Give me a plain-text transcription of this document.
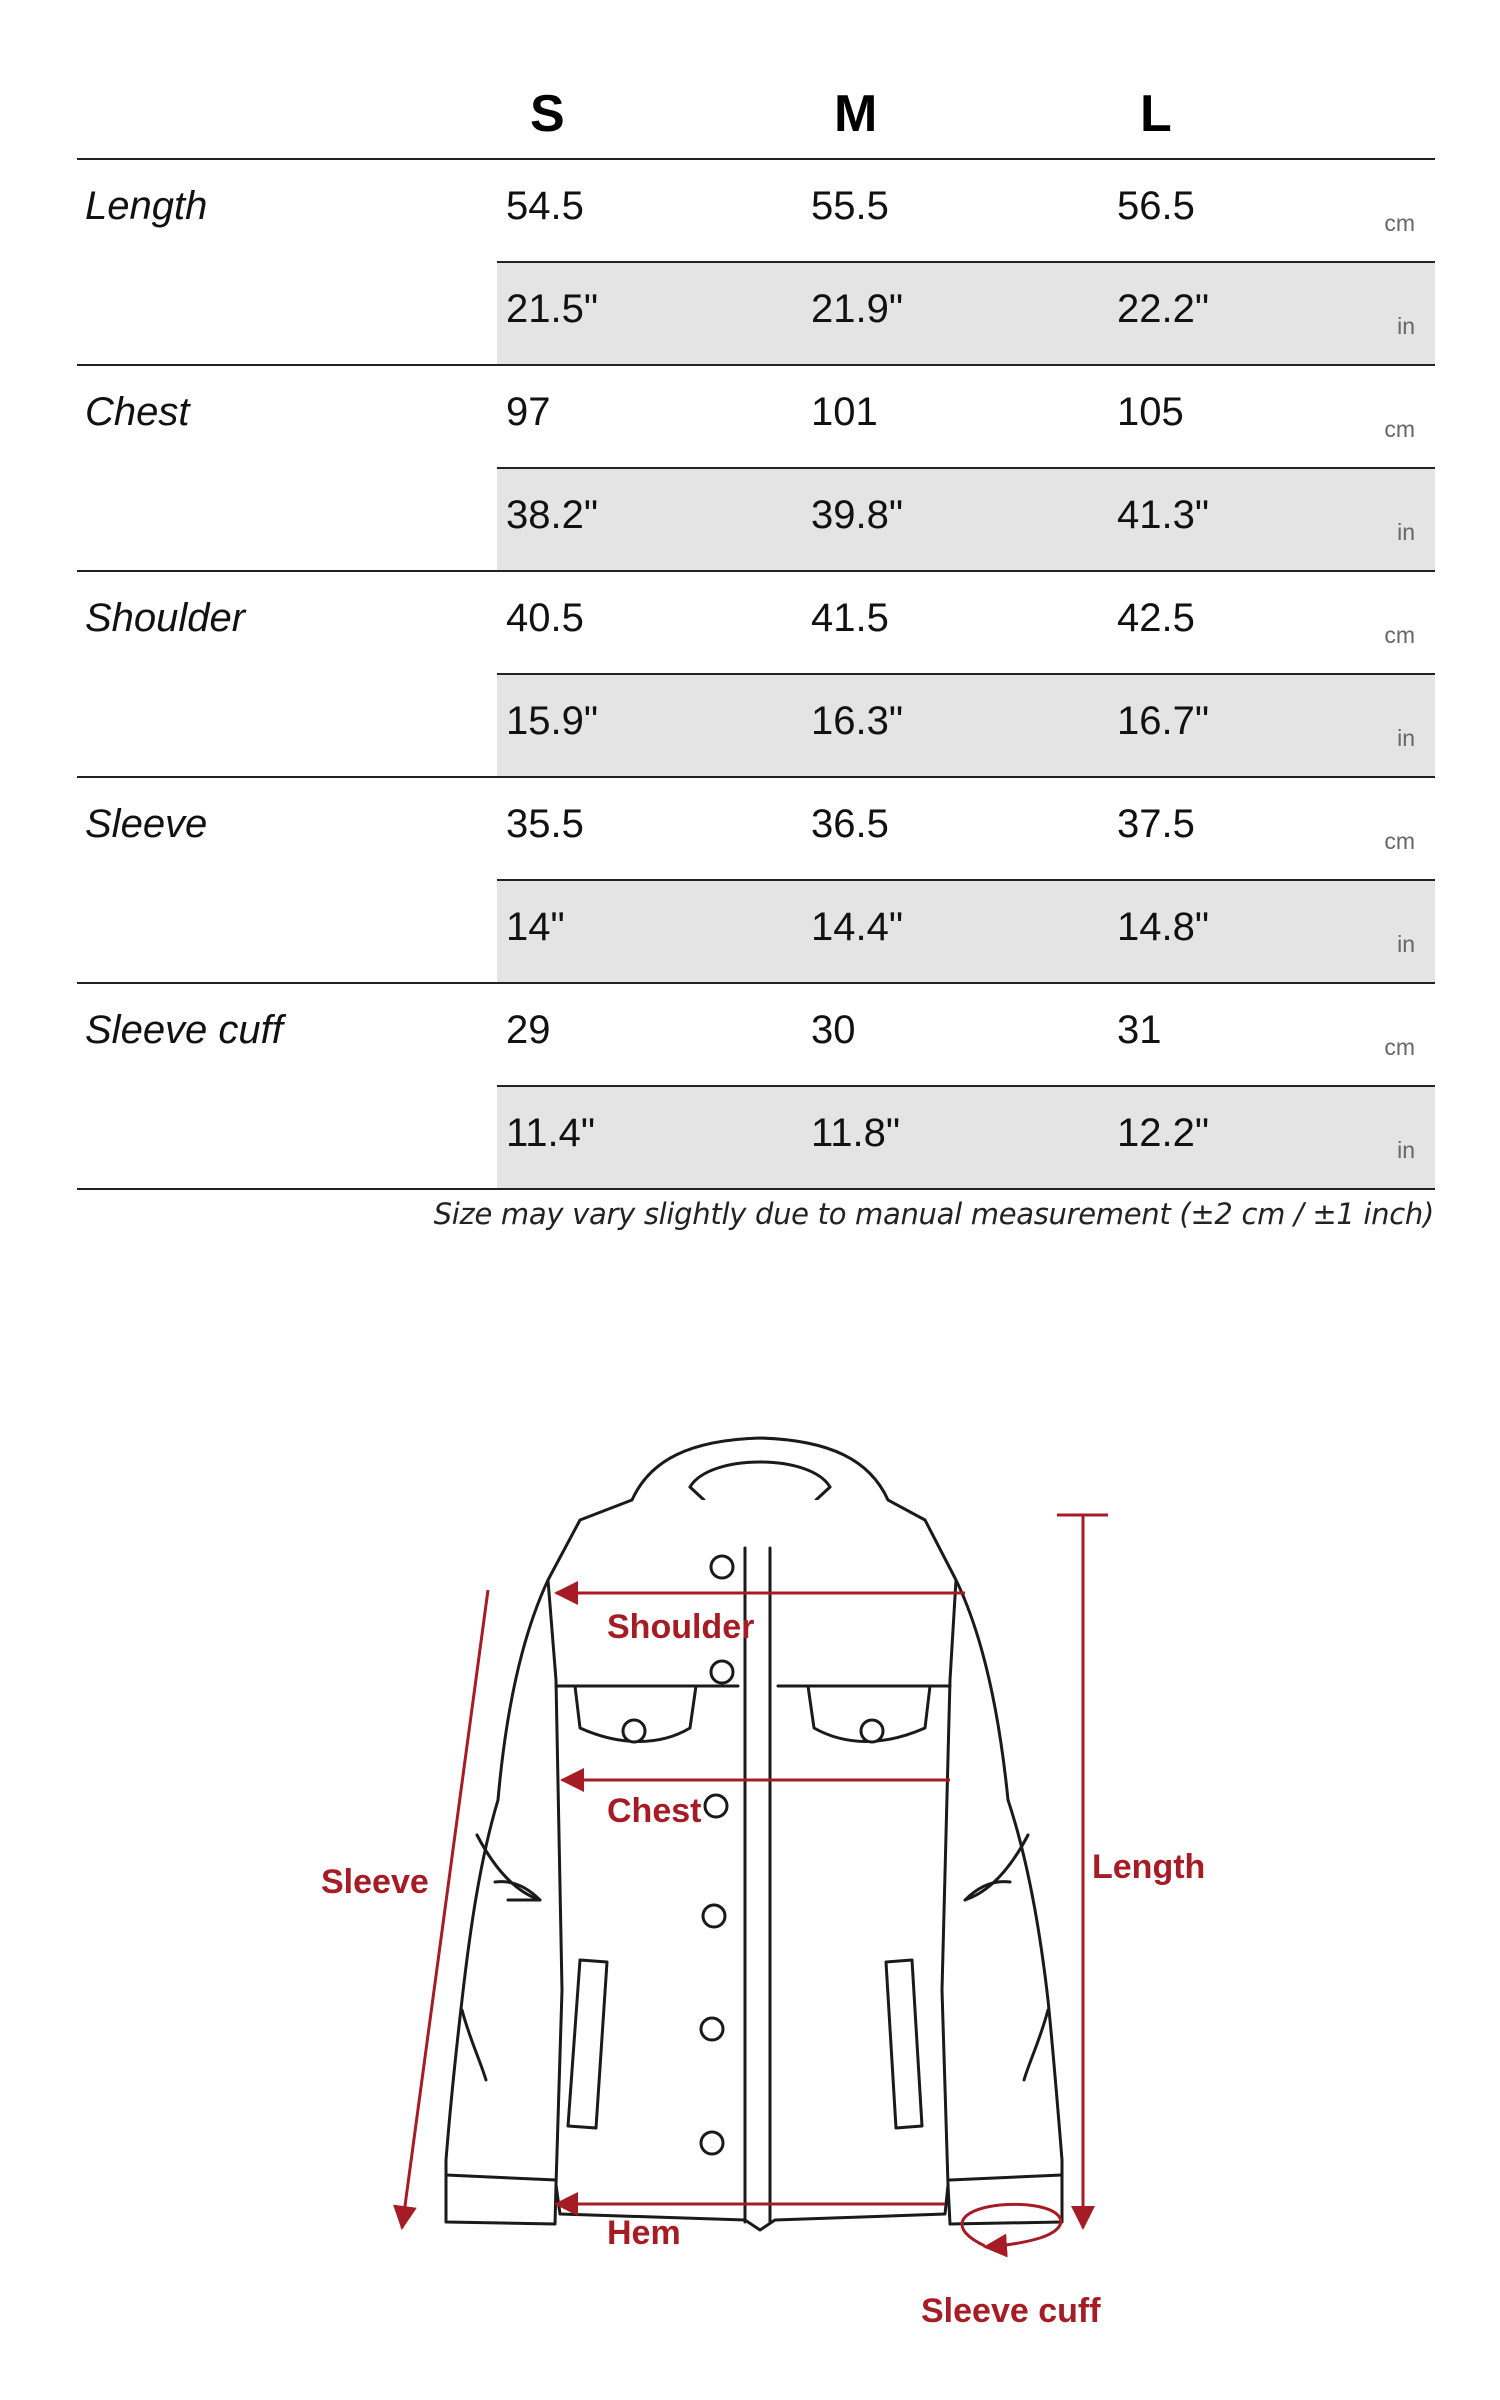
S	M	L
Length	54.5	55.5	56.5	cm
21.5"	21.9"	22.2"	in
Chest	97	101	105	cm
38.2"	39.8"	41.3"	in
Shoulder	40.5	41.5	42.5	cm
15.9"	16.3"	16.7"	in
Sleeve	35.5	36.5	37.5	cm
14"	14.4"	14.8"	in
Sleeve cuff	29	30	31	cm
11.4"	11.8"	12.2"	in
Size may vary slightly due to manual measurement (±2 cm / ±1 inch)
Shoulder
Chest
Sleeve	Length
Hem
Sleeve cuff
